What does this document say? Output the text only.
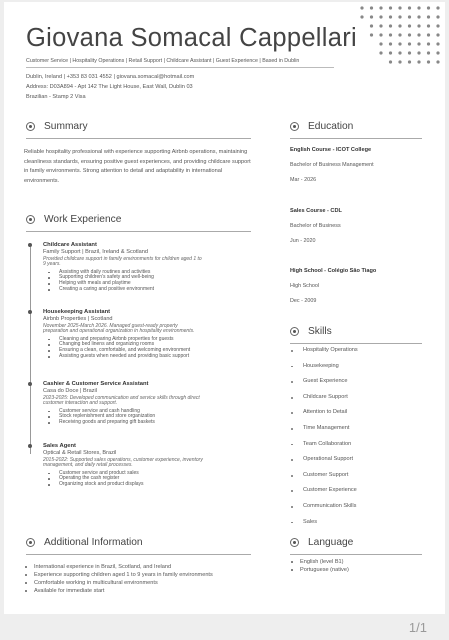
Giovana Somacal Cappellari
Customer Service | Hospitality Operations | Retail Support | Childcare Assistant | Guest Experience | Based in Dublin
Dublin, Ireland | +353 83 031 4552 | giovana.somacal@hotmail.com
Address: D03A894 - Apt 142 The Light House, East Wall, Dublin 03
Brazilian - Stamp 2 Visa
Summary
Reliable hospitality professional with experience supporting Airbnb operations, maintaining cleanliness standards, ensuring positive guest experiences, and providing childcare support in family environments. Strong attention to detail and adaptability in international environments.
Work Experience
Childcare Assistant
Family Support | Brazil, Ireland & Scotland
Provided childcare support in family environments for children aged 1 to 9 years.
Assisting with daily routines and activities
Supporting children's safety and well-being
Helping with meals and playtime
Creating a caring and positive environment
Housekeeping Assistant
Airbnb Properties | Scotland
November 2025-March 2026. Managed guest-ready property preparation and operational organization in hospitality environments.
Cleaning and preparing Airbnb properties for guests
Changing bed linens and organizing rooms
Ensuring a clean, comfortable, and welcoming environment
Assisting guests when needed and providing basic support
Cashier & Customer Service Assistant
Casa do Doce | Brazil
2023-2025: Developed communication and service skills through direct customer interaction and support.
Customer service and cash handling
Stock replenishment and store organization
Receiving goods and preparing gift baskets
Sales Agent
Optical & Retail Stores, Brazil
2015-2022: Supported sales operations, customer experience, inventory management, and daily retail processes.
Customer service and product sales
Operating the cash register
Organizing stock and product displays
Additional Information
International experience in Brazil, Scotland, and Ireland
Experience supporting children aged 1 to 9 years in family environments
Comfortable working in multicultural environments
Available for immediate start
Education
English Course - ICOT College
Bachelor of Business Management
Mar - 2026
Sales Course - CDL
Bachelor of Business
Jun - 2020
High School - Colégio São Tiago
High School
Dec - 2009
Skills
Hospitality Operations
Housekeeping
Guest Experience
Childcare Support
Attention to Detail
Time Management
Team Collaboration
Operational Support
Customer Support
Customer Experience
Communication Skills
Sales
Language
English (level B1)
Portuguese (native)
1/1
